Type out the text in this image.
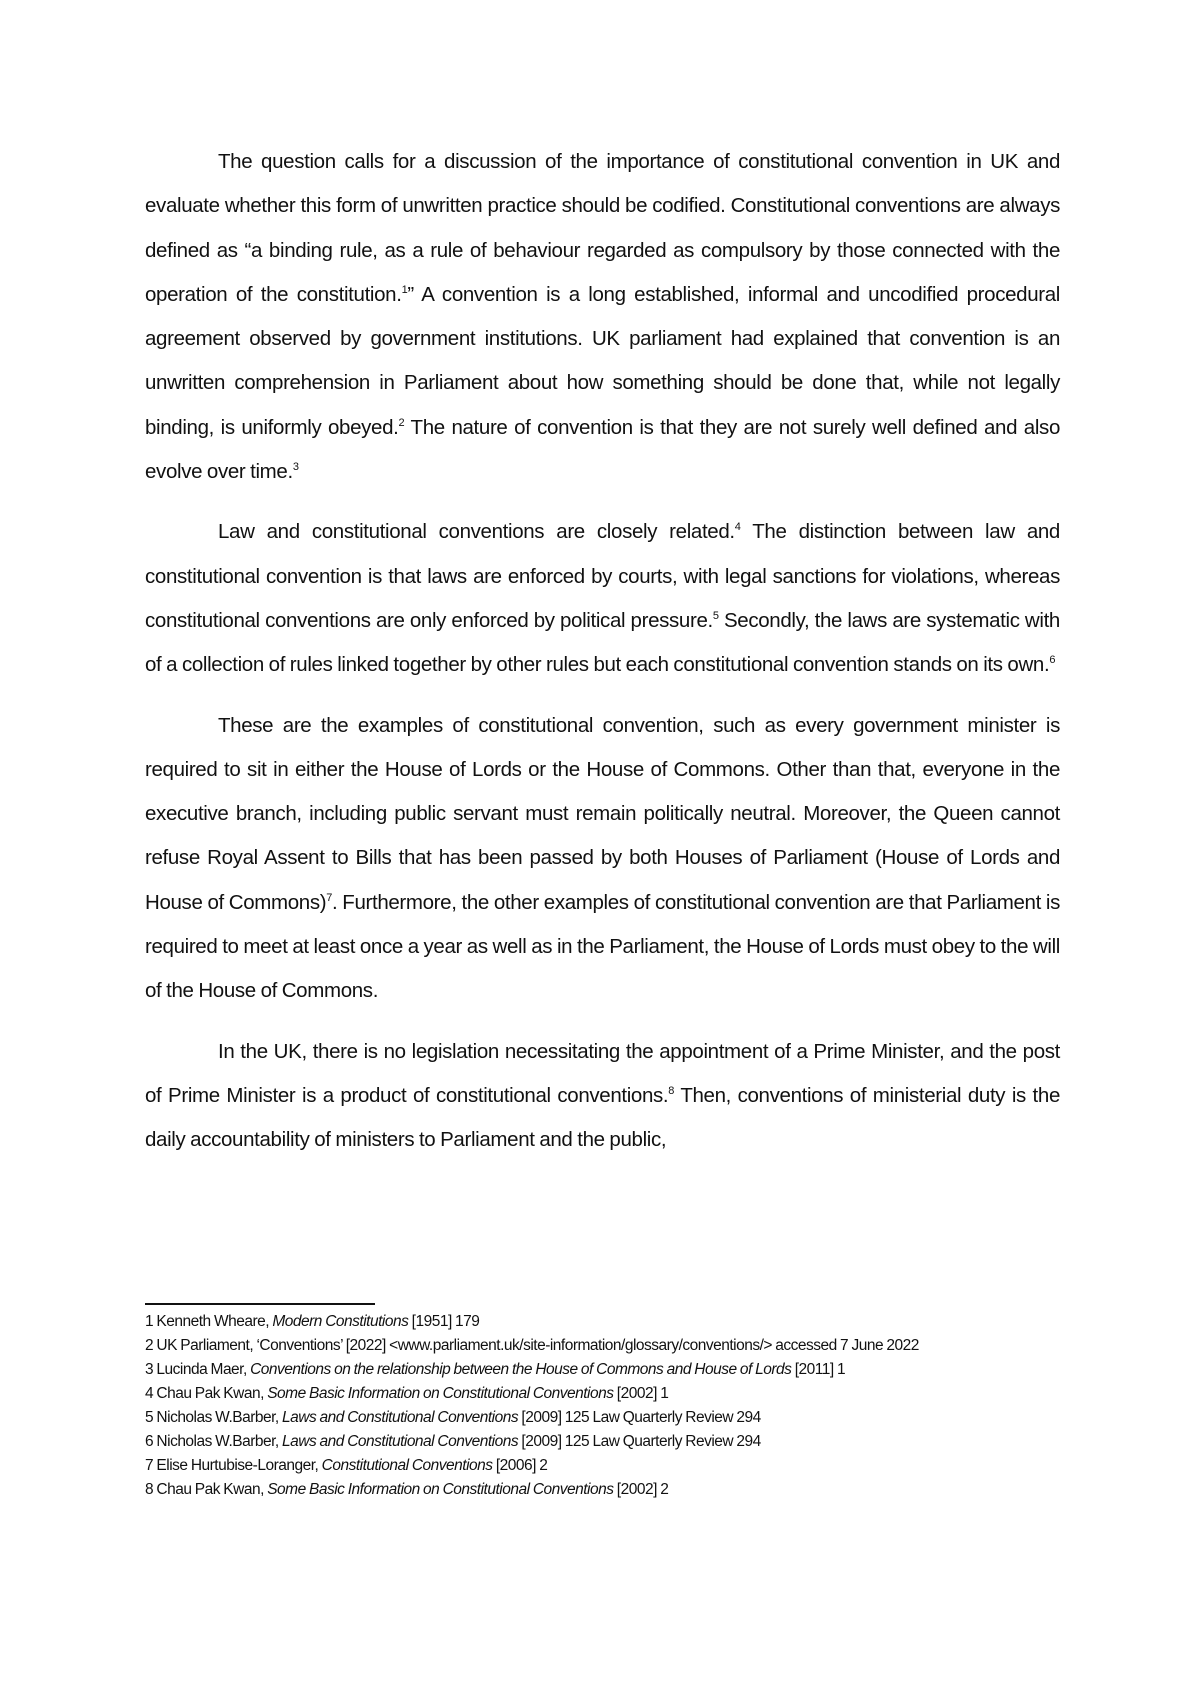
The question calls for a discussion of the importance of constitutional convention in UK and evaluate whether this form of unwritten practice should be codified. Constitutional conventions are always defined as “a binding rule, as a rule of behaviour regarded as compulsory by those connected with the operation of the constitution.$^1$” A convention is a long established, informal and uncodified procedural agreement observed by government institutions. UK parliament had explained that convention is an unwritten comprehension in Parliament about how something should be done that, while not legally binding, is uniformly obeyed.$^2$ The nature of convention is that they are not surely well defined and also evolve over time.$^3$

Law and constitutional conventions are closely related.$^4$ The distinction between law and constitutional convention is that laws are enforced by courts, with legal sanctions for violations, whereas constitutional conventions are only enforced by political pressure.$^5$ Secondly, the laws are systematic with of a collection of rules linked together by other rules but each constitutional convention stands on its own.$^6$

These are the examples of constitutional convention, such as every government minister is required to sit in either the House of Lords or the House of Commons. Other than that, everyone in the executive branch, including public servant must remain politically neutral. Moreover, the Queen cannot refuse Royal Assent to Bills that has been passed by both Houses of Parliament (House of Lords and House of Commons)$^7$. Furthermore, the other examples of constitutional convention are that Parliament is required to meet at least once a year as well as in the Parliament, the House of Lords must obey to the will of the House of Commons.

In the UK, there is no legislation necessitating the appointment of a Prime Minister, and the post of Prime Minister is a product of constitutional conventions.$^8$ Then, conventions of ministerial duty is the daily accountability of ministers to Parliament and the public,

1 Kenneth Wheare, Modern Constitutions [1951] 179

2 UK Parliament, ‘Conventions’ [2022] <www.parliament.uk/site-information/glossary/conventions/> accessed 7 June 2022

3 Lucinda Maer, Conventions on the relationship between the House of Commons and House of Lords [2011] 1

4 Chau Pak Kwan, Some Basic Information on Constitutional Conventions [2002] 1

5 Nicholas W.Barber, Laws and Constitutional Conventions [2009] 125 Law Quarterly Review 294

6 Nicholas W.Barber, Laws and Constitutional Conventions [2009] 125 Law Quarterly Review 294

7 Elise Hurtubise-Loranger, Constitutional Conventions [2006] 2

8 Chau Pak Kwan, Some Basic Information on Constitutional Conventions [2002] 2
